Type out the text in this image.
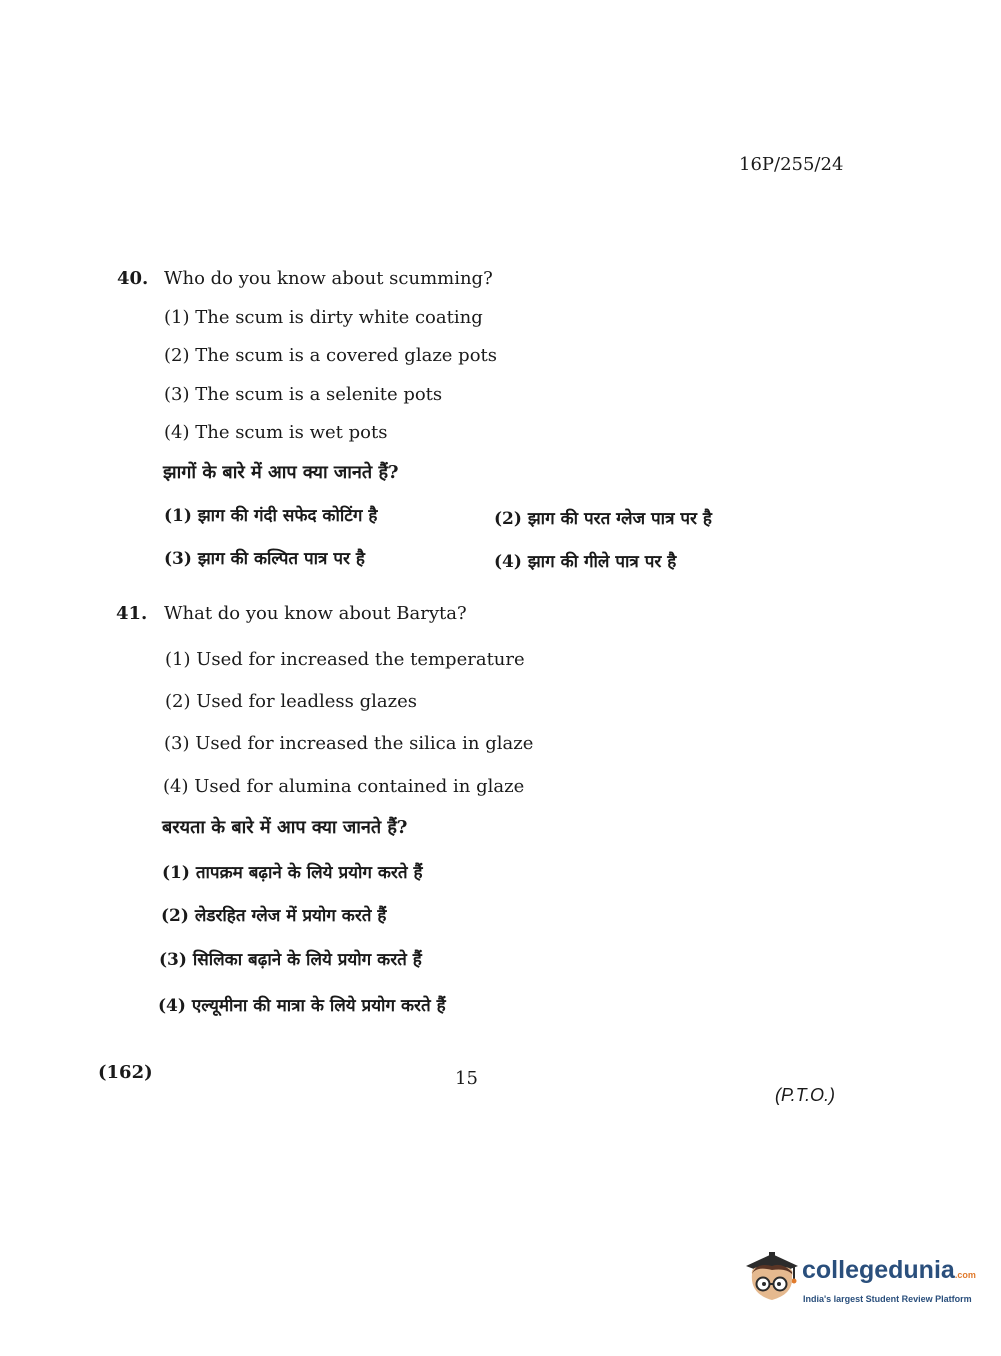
16P/255/24
40. Who do you know about scumming?
(1) The scum is dirty white coating
(2) The scum is a covered glaze pots
(3) The scum is a selenite pots
(4) The scum is wet pots
झागों के बारे में आप क्या जानते हैं?
(1) झाग की गंदी सफेद कोटिंग है	(2) झाग की परत ग्लेज पात्र पर है
(3) झाग की कल्पित पात्र पर है	(4) झाग की गीले पात्र पर है
41. What do you know about Baryta?
(1) Used for increased the temperature
(2) Used for leadless glazes
(3) Used for increased the silica in glaze
(4) Used for alumina contained in glaze
बरयता के बारे में आप क्या जानते हैं?
(1) तापक्रम बढ़ाने के लिये प्रयोग करते हैं
(2) लेडरहित ग्लेज में प्रयोग करते हैं
(3) सिलिका बढ़ाने के लिये प्रयोग करते हैं
(4) एल्यूमीना की मात्रा के लिये प्रयोग करते हैं
(162)	15
(P.T.O.)
collegedunia.com
India's largest Student Review Platform
